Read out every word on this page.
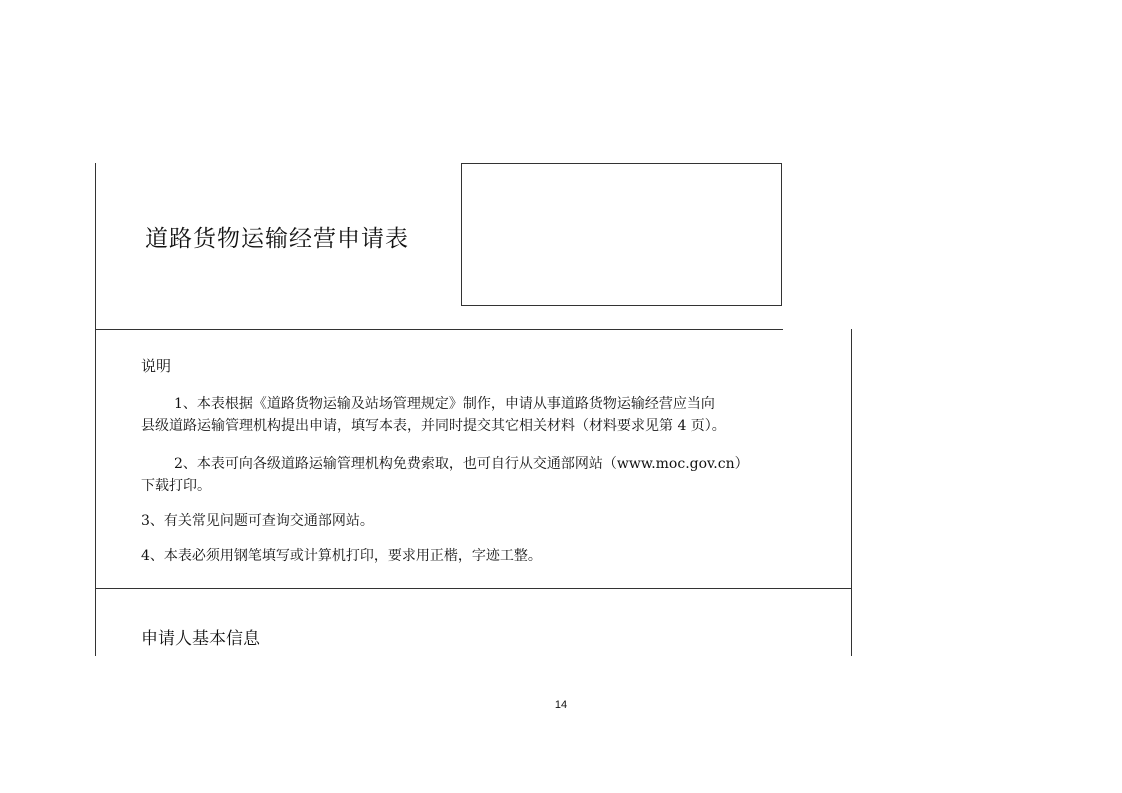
道路货物运输经营申请表
说明
1、本表根据《道路货物运输及站场管理规定》制作，申请从事道路货物运输经营应当向
县级道路运输管理机构提出申请，填写本表，并同时提交其它相关材料（材料要求见第 4 页）。
2、本表可向各级道路运输管理机构免费索取，也可自行从交通部网站（www.moc.gov.cn）
下载打印。
3、有关常见问题可查询交通部网站。
4、本表必须用钢笔填写或计算机打印，要求用正楷，字迹工整。
申请人基本信息
14
